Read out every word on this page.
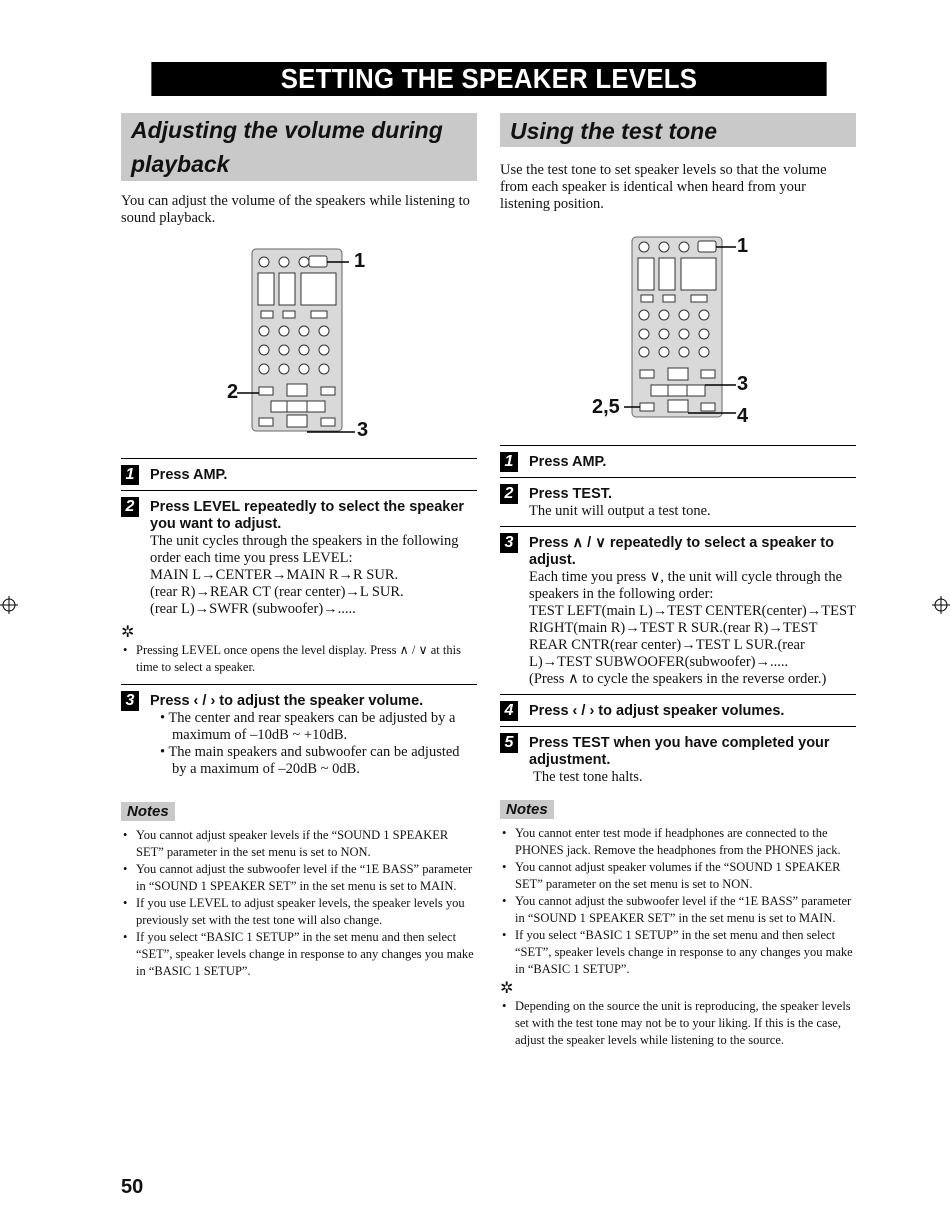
SETTING THE SPEAKER LEVELS
Adjusting the volume during
playback
You can adjust the volume of the speakers while listening to sound playback.
1
2
3
1	Press AMP.
2	Press LEVEL repeatedly to select the speaker you want to adjust.
The unit cycles through the speakers in the following order each time you press LEVEL:
MAIN L→CENTER→MAIN R→R SUR.
(rear R)→REAR CT (rear center)→L SUR.
(rear L)→SWFR (subwoofer)→.....
✲
• Pressing LEVEL once opens the level display. Press ∧ / ∨ at this time to select a speaker.
3	Press ‹ / › to adjust the speaker volume.
• The center and rear speakers can be adjusted by a maximum of –10dB ~ +10dB.
• The main speakers and subwoofer can be adjusted by a maximum of –20dB ~ 0dB.
Notes
• You cannot adjust speaker levels if the “SOUND 1 SPEAKER SET” parameter in the set menu is set to NON.
• You cannot adjust the subwoofer level if the “1E BASS” parameter in “SOUND 1 SPEAKER SET” in the set menu is set to MAIN.
• If you use LEVEL to adjust speaker levels, the speaker levels you previously set with the test tone will also change.
• If you select “BASIC 1 SETUP” in the set menu and then select “SET”, speaker levels change in response to any changes you make in “BASIC 1 SETUP”.
Using the test tone
Use the test tone to set speaker levels so that the volume from each speaker is identical when heard from your listening position.
1
3
2,5	4
1	Press AMP.
2	Press TEST.
The unit will output a test tone.
3	Press ∧ / ∨ repeatedly to select a speaker to adjust.
Each time you press ∨, the unit will cycle through the speakers in the following order:
TEST LEFT(main L)→TEST CENTER(center)→TEST RIGHT(main R)→TEST R SUR.(rear R)→TEST REAR CNTR(rear center)→TEST L SUR.(rear L)→TEST SUBWOOFER(subwoofer)→.....
(Press ∧ to cycle the speakers in the reverse order.)
4	Press ‹ / › to adjust speaker volumes.
5	Press TEST when you have completed your adjustment.
The test tone halts.
Notes
• You cannot enter test mode if headphones are connected to the PHONES jack. Remove the headphones from the PHONES jack.
• You cannot adjust speaker volumes if the “SOUND 1 SPEAKER SET” parameter on the set menu is set to NON.
• You cannot adjust the subwoofer level if the “1E BASS” parameter in “SOUND 1 SPEAKER SET” in the set menu is set to MAIN.
• If you select “BASIC 1 SETUP” in the set menu and then select “SET”, speaker levels change in response to any changes you make in “BASIC 1 SETUP”.
✲
• Depending on the source the unit is reproducing, the speaker levels set with the test tone may not be to your liking. If this is the case, adjust the speaker levels while listening to the source.
50
